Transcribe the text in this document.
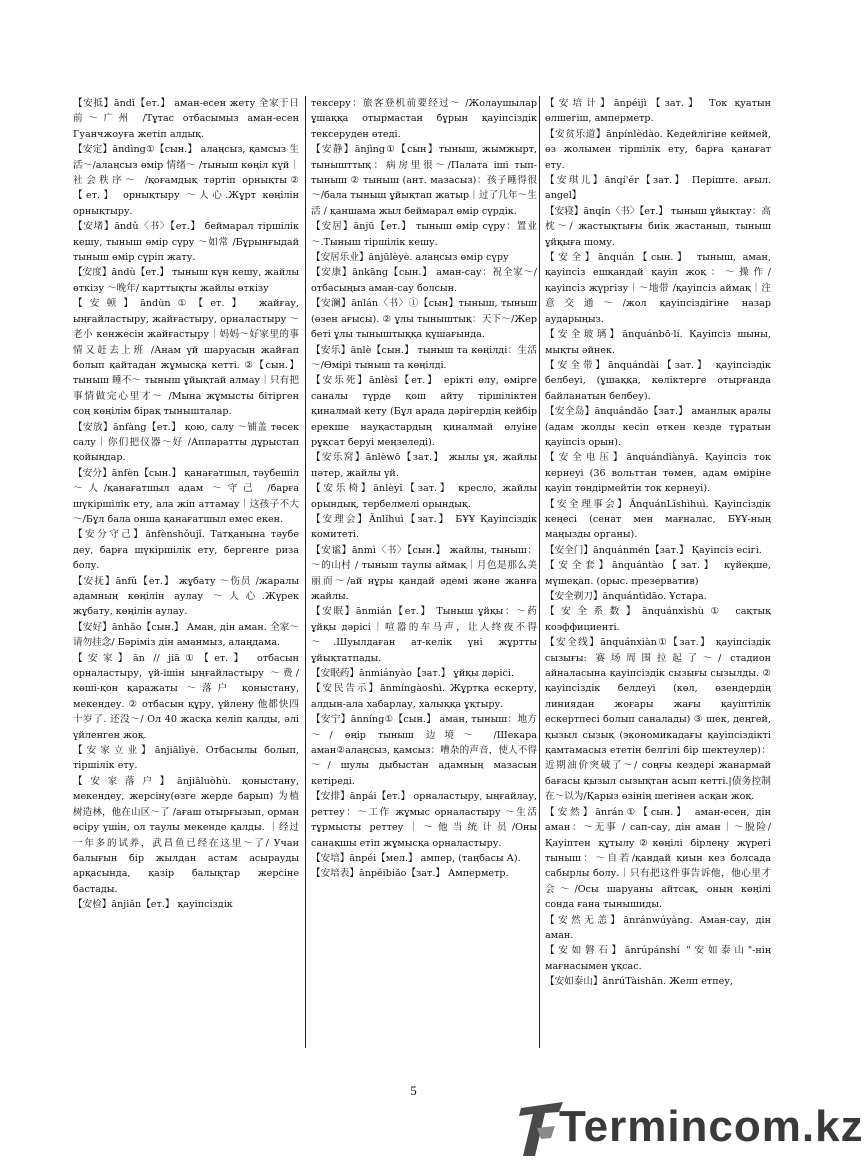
【安抵】āndǐ【ет.】 аман-есен жету 全家于日前～广州 /Тұтас отбасымыз аман-есен Гуанчжоуға жетіп алдық.

【安定】āndìng①【сын.】 алаңсыз, қамсыз 生活～/алаңсыз өмір 情绪～ /тыныш көңіл күй｜社会秩序～ /қоғамдық тәртіп орнықты②【ет.】 орнықтыру ～人心.Жұрт көңілін орнықтыру.

【安堵】āndǔ〈书〉【ет.】 беймарал тіршілік кешу, тыныш өмір сүру ～如常 /Бұрынғыдай тыныш өмір сүріп жату.

【安度】āndù【ет.】 тыныш күн кешу, жайлы өткізу ～晚年/ карттықты жайлы өткізу

【安顿】āndùn①【ет.】 жайғау, ыңғайластыру, жайғастыру, орналастыру ～老小 кенжесін жайғастыру｜妈妈～好家里的事情又赶去上班 /Анам үй шаруасын жайғап болып қайтадан жұмысқа кетті. ②【сын.】 тыныш 睡不～ тыныш ұйықтай алмау｜只有把事情做完心里才～ /Мына жұмысты бітірген соң көңілім бірақ тынышталар.

【安放】ānfàng【ет.】 қою, салу ～铺盖 төсек салу｜你们把仪器～好 /Аппаратты дұрыстап қойыңдар.

【安分】ānfèn【сын.】 қанағатшыл, тәубешіл ～人/қанағатшыл адам ～守己 /барға шүкіршілік ету, ала жіп аттамау｜这孩子不大～/Бұл бала онша қанағатшыл емес екен.

【安分守己】ānfènshǒujǐ. Татқанына тәубе деу, барға шүкіршілік ету, бергенге риза болу.

【安抚】ānfǔ【ет.】 жұбату ～伤员 /жаралы адамның көңілін аулау ～人心.Жүрек жұбату, көңілін аулау.

【安好】ānhǎo【сын.】 Аман, дін аман. 全家～ 请勿挂念/ Бәріміз дін аманмыз, алаңдама.

【安家】ān // jiā①【ет.】 отбасын орналастыру, үй-ішін ыңғайластыру ～费/көші-қон қаражаты ～落户 қоныстану, мекендеу. ② отбасын құру, үйлену 他都快四十岁了. 还没～/ Ол 40 жасқа келіп қалды, әлі үйленген жоқ.

【安家立业】ānjiālìyè. Отбасылы болып, тіршілік ету.

【安家落户】ānjiāluòhù. қоныстану, мекендеу, жерсіну(өзге жерде барып) 为植树造林，他在山区～了 /ағаш отырғызып, орман өсіру үшін, ол таулы мекенде қалды. ｜经过一年多的试养，武昌鱼已经在这里～了/ Учан балығын бір жылдан астам асырауды арқасында, қазір балықтар жерсіне бастады.

【安检】ānjiǎn【ет.】 қауіпсіздік

тексеру：旅客登机前要经过～ /Жолаушылар ұшаққа отырмастан бұрын қауіпсіздік тексеруден өтеді.

【安静】ānjìng①【сын】тыныш, жымжырт, тынышттық：病房里很～/Палата іші тып-тыныш ② тыныш (ант. мазасыз)：孩子睡得很～/бала тыныш ұйықтап жатыр｜过了几年～生活 / қаншама жыл беймарал өмір сүрдік.

【安居】ānjū【ет.】 тыныш өмір сүру：置业～.Тыныш тіршілік кешу.

【安居乐业】ānjūlèyè. алаңсыз өмір сүру

【安康】ānkāng【сын.】 аман-сау：祝全家～/отбасыңыз аман-сау болсын.

【安澜】ānlán〈书〉①【сын】тыныш, тыныш (өзен ағысы). ② ұлы тыныштық：天下～/Жер беті ұлы тыныштыққа қүшағында.

【安乐】ānlè【сын.】 тыныш та көңілді：生活～/Өмірі тыныш та көңілді.

【安乐死】ānlèsǐ【ет.】 ерікті өлу, өмірге саналы түрде қош айту тіршіліктен қиналмай кету (Бұл арада дәрігердің кейбір ерекше науқастардың қиналмай өлуіне рұқсат беруі меңзеледі).

【安乐窝】ānlèwō【зат.】 жылы ұя, жайлы пәтер, жайлы үй.

【安乐椅】ānlèyǐ【зат.】 кресло, жайлы орындық, тербелмелі орындық.

【安理会】Ānlǐhuì【зат.】 БҰҰ Қауіпсіздік комитеті.

【安谧】ānmì〈书〉【сын.】 жайлы, тыныш：～的山村 / тыныш таулы аймақ｜月色是那么美丽而～/ай нұры қандай әдемі және жанға жайлы.

【安眠】ānmián【ет.】 Тыныш ұйқы：～药 ұйқы дәрісі｜喧嚣的车马声，让人终夜不得～.Шуылдаған ат-келік үні жұртты ұйықтатпады.

【安眠药】ānmiányào【зат.】 ұйқы дәрісі.

【安民告示】ānmíngàoshì. Жұртқа ескерту, алдын-ала хабарлау, халыққа ұқтыру.

【安宁】ānníng①【сын.】 аман, тыныш：地方～/ өңір тыныш 边境～ /Шекара аман②алаңсыз, қамсыз：嘈杂的声音，使人不得～/ шулы дыбыстан адамның мазасын кетіреді.

【安排】ānpái【ет.】 орналастыру, ыңғайлау, реттеу：～工作 жұмыс орналастыру ～生活 тұрмысты реттеу｜～他当统计员/Оны санақшы етіп жұмысқа орналастыру.

【安培】ānpéi【мел.】 ампер, (таңбасы А).

【安培表】ānpéibiǎo【зат.】 Амперметр.

【安培计】ānpéijì【зат.】 Ток қуатын өлшегіш, амперметр.

【安贫乐道】ānpínlèdào. Кедейлігіне кеймей, өз жолымен тіршілік ету, барға қанағат ету.

【安琪儿】ānqí'ér【зат.】 Періште. ағыл. angel】

【安寝】ānqǐn〈书〉【ет.】 тыныш ұйықтау：高枕～/ жастықтығы биік жастанып, тыныш ұйқыға шому.

【安全】ānquán【сын.】 тыныш, аман, қауіпсіз ешқандай қауіп жоқ：～操作/ қауіпсіз жүргізу｜～地带 /қауіпсіз аймақ｜注意交通～/жол қауіпсіздігіне назар аударыңыз.

【安全玻璃】ānquánbō·lí. Қауіпсіз шыны, мықты әйнек.

【安全带】ānquándài【зат.】 қауіпсіздік белбеуі, (ұшаққа, көліктерге отырғанда байланатын белбеу).

【安全岛】ānquándǎo【зат.】 аманлық аралы (адам жолды кесіп өткен кезде тұратын қауіпсіз орын).

【安全电压】ānquándiànyā. Қауіпсіз ток кернеуі (36 вольттан төмен, адам өміріне қауіп төндірмейтін ток кернеуі).

【安全理事会】ĀnquánLǐshìhuì. Қауіпсіздік кеңесі (сенат мен мағналас, БҰҰ-ның маңызды органы).

【安全门】ānquánmén【зат.】 Қауіпсіз есігі.

【安全套】ānquántào【зат.】 күйеқше, мүшеқап. (орыс. презерватив)

【安全剃刀】ānquántìdāo. Ұстара.

【安全系数】ānquánxìshù① сақтық коэффициенті.

【安全线】ānquánxiàn①【зат.】 қауіпсіздік сызығы: 赛场周围拉起了～/ стадион айналасына қауіпсіздік сызығы сызылды. ② қауіпсіздік белдеуі (көл, өзендердің линиядан жоғары жағы қауіптілік ескертпесі болып саналады) ③ шек, деңгей, қызыл сызық (экономикадағы қауіпсіздікті қамтамасыз ететін белгілі бір шектеулер)：近期油价突破了～/ соңғы кездері жанармай бағасы қызыл сызықтан асып кетті.|债务控制在～以为/Қарыз өзінің шегінен асқан жоқ.

【安然】ānrán①【сын.】 аман-есен, дін аман：～无事 / сап-сау, дін аман｜～脱险/Қауіптен құтылу②көңілі бірлеңу жүрегі тыныш：～自若/қандай қиын кез болсада сабырлы болу.｜只有把这件事告诉他，他心里才会～/Осы шаруаны айтсақ, оның көңілі сонда ғана тынышиды.

【安然无恙】ānránwúyàng. Аман-сау, дін аман.

【安如磐石】ānrúpánshí "安如泰山"-нің мағнасымен ұқсас.

【安如泰山】ānrúTàishān. Желп етпеу,

5
Termincom.kz
